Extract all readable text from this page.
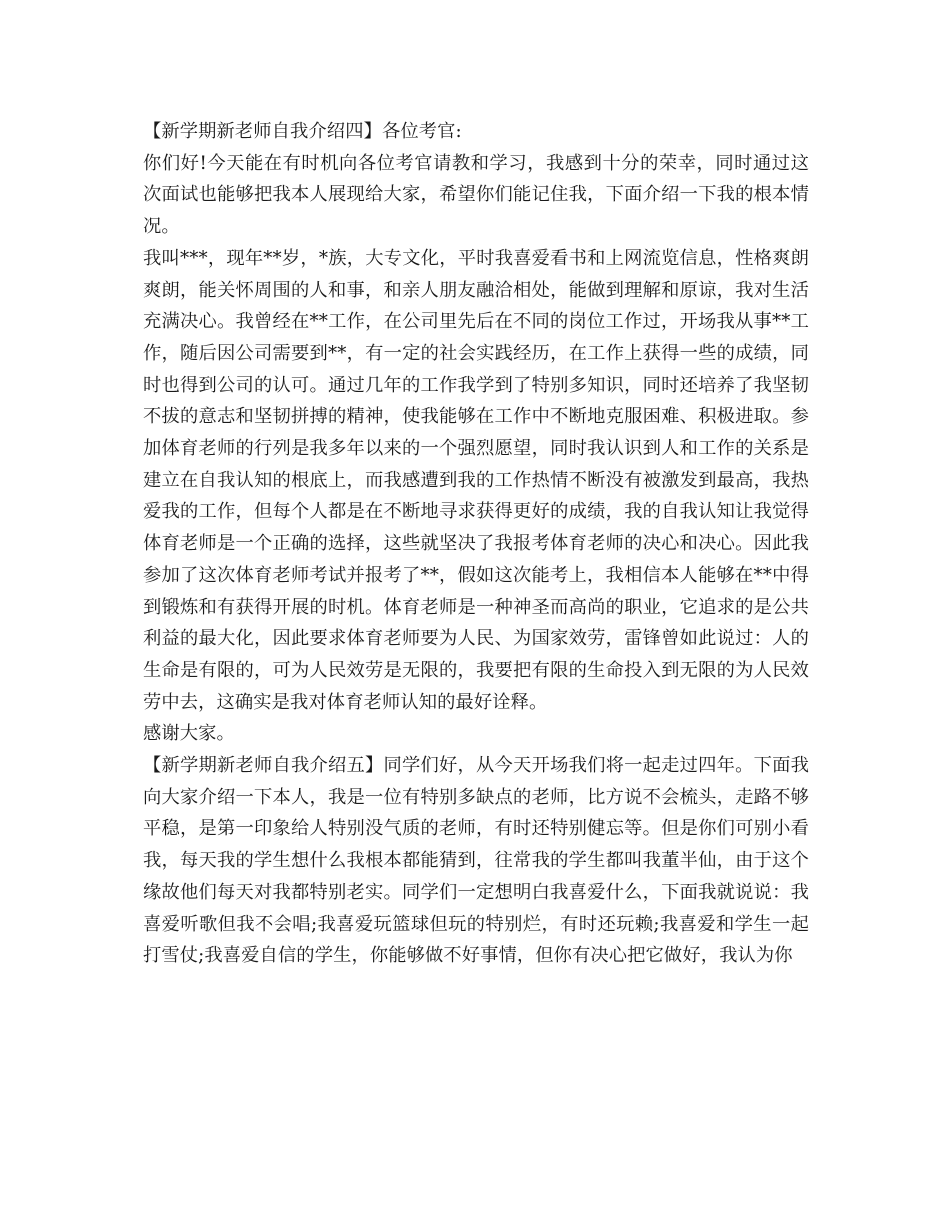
【新学期新老师自我介绍四】各位考官:

你们好!今天能在有时机向各位考官请教和学习，我感到十分的荣幸，同时通过这次面试也能够把我本人展现给大家，希望你们能记住我，下面介绍一下我的根本情况。

我叫***，现年**岁，*族，大专文化，平时我喜爱看书和上网流览信息，性格爽朗爽朗，能关怀周围的人和事，和亲人朋友融洽相处，能做到理解和原谅，我对生活充满决心。我曾经在**工作，在公司里先后在不同的岗位工作过，开场我从事**工作，随后因公司需要到**，有一定的社会实践经历，在工作上获得一些的成绩，同时也得到公司的认可。通过几年的工作我学到了特别多知识，同时还培养了我坚韧不拔的意志和坚韧拼搏的精神，使我能够在工作中不断地克服困难、积极进取。参加体育老师的行列是我多年以来的一个强烈愿望，同时我认识到人和工作的关系是建立在自我认知的根底上，而我感遭到我的工作热情不断没有被激发到最高，我热爱我的工作，但每个人都是在不断地寻求获得更好的成绩，我的自我认知让我觉得体育老师是一个正确的选择，这些就坚决了我报考体育老师的决心和决心。因此我参加了这次体育老师考试并报考了**，假如这次能考上，我相信本人能够在**中得到锻炼和有获得开展的时机。体育老师是一种神圣而高尚的职业，它追求的是公共利益的最大化，因此要求体育老师要为人民、为国家效劳，雷锋曾如此说过：人的生命是有限的，可为人民效劳是无限的，我要把有限的生命投入到无限的为人民效劳中去，这确实是我对体育老师认知的最好诠释。

感谢大家。

【新学期新老师自我介绍五】同学们好，从今天开场我们将一起走过四年。下面我向大家介绍一下本人，我是一位有特别多缺点的老师，比方说不会梳头，走路不够平稳，是第一印象给人特别没气质的老师，有时还特别健忘等。但是你们可别小看我，每天我的学生想什么我根本都能猜到，往常我的学生都叫我董半仙，由于这个缘故他们每天对我都特别老实。同学们一定想明白我喜爱什么，下面我就说说：我喜爱听歌但我不会唱;我喜爱玩篮球但玩的特别烂，有时还玩赖;我喜爱和学生一起打雪仗;我喜爱自信的学生，你能够做不好事情，但你有决心把它做好，我认为你
